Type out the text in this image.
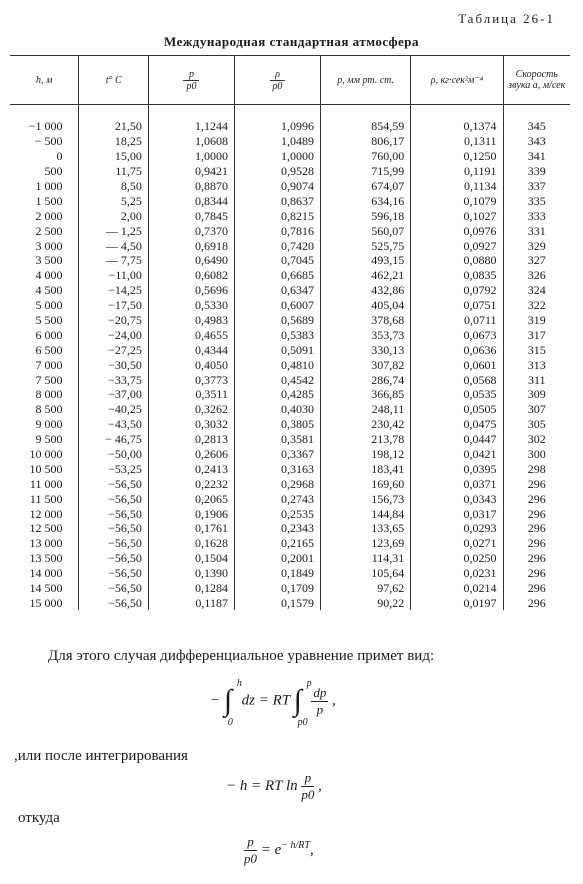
Таблица 26-1
Международная стандартная атмосфера
h, м	t° C	$\frac{p}{p0}$	$\frac{\rho}{\rho 0}$	p, мм рт. ст.	ρ, кг·сек²м⁻⁴	Скорость звука a, м/сек

−1 000	21,50	1,1244	1,0996	854,59	0,1374	345
− 500	18,25	1,0608	1,0489	806,17	0,1311	343
0	15,00	1,0000	1,0000	760,00	0,1250	341
500	11,75	0,9421	0,9528	715,99	0,1191	339
1 000	8,50	0,8870	0,9074	674,07	0,1134	337
1 500	5,25	0,8344	0,8637	634,16	0,1079	335
2 000	2,00	0,7845	0,8215	596,18	0,1027	333
2 500	— 1,25	0,7370	0,7816	560,07	0,0976	331
3 000	— 4,50	0,6918	0,7420	525,75	0,0927	329
3 500	— 7,75	0,6490	0,7045	493,15	0,0880	327
4 000	−11,00	0,6082	0,6685	462,21	0,0835	326
4 500	−14,25	0,5696	0,6347	432,86	0,0792	324
5 000	−17,50	0,5330	0,6007	405,04	0,0751	322
5 500	−20,75	0,4983	0,5689	378,68	0,0711	319
6 000	−24,00	0,4655	0,5383	353,73	0,0673	317
6 500	−27,25	0,4344	0,5091	330,13	0,0636	315
7 000	−30,50	0,4050	0,4810	307,82	0,0601	313
7 500	−33,75	0,3773	0,4542	286,74	0,0568	311
8 000	−37,00	0,3511	0,4285	366,85	0,0535	309
8 500	−40,25	0,3262	0,4030	248,11	0,0505	307
9 000	−43,50	0,3032	0,3805	230,42	0,0475	305
9 500	− 46,75	0,2813	0,3581	213,78	0,0447	302
10 000	−50,00	0,2606	0,3367	198,12	0,0421	300
10 500	−53,25	0,2413	0,3163	183,41	0,0395	298
11 000	−56,50	0,2232	0,2968	169,60	0,0371	296
11 500	−56,50	0,2065	0,2743	156,73	0,0343	296
12 000	−56,50	0,1906	0,2535	144,84	0,0317	296
12 500	−56,50	0,1761	0,2343	133,65	0,0293	296
13 000	−56,50	0,1628	0,2165	123,69	0,0271	296
13 500	−56,50	0,1504	0,2001	114,31	0,0250	296
14 000	−56,50	0,1390	0,1849	105,64	0,0231	296
14 500	−56,50	0,1284	0,1709	97,62	0,0214	296
15 000	−56,50	0,1187	0,1579	90,22	0,0197	296
Для этого случая дифференциальное уравнение примет вид:
− ∫
h
0
dz = RT ∫
p
p0

$\frac{dp}{p}$ ,
,или после интегрирования
− h = RT $\ln \frac{p}{p0}$ ,
откуда
$\frac{p}{p0} = e^{- h/RT}$,
